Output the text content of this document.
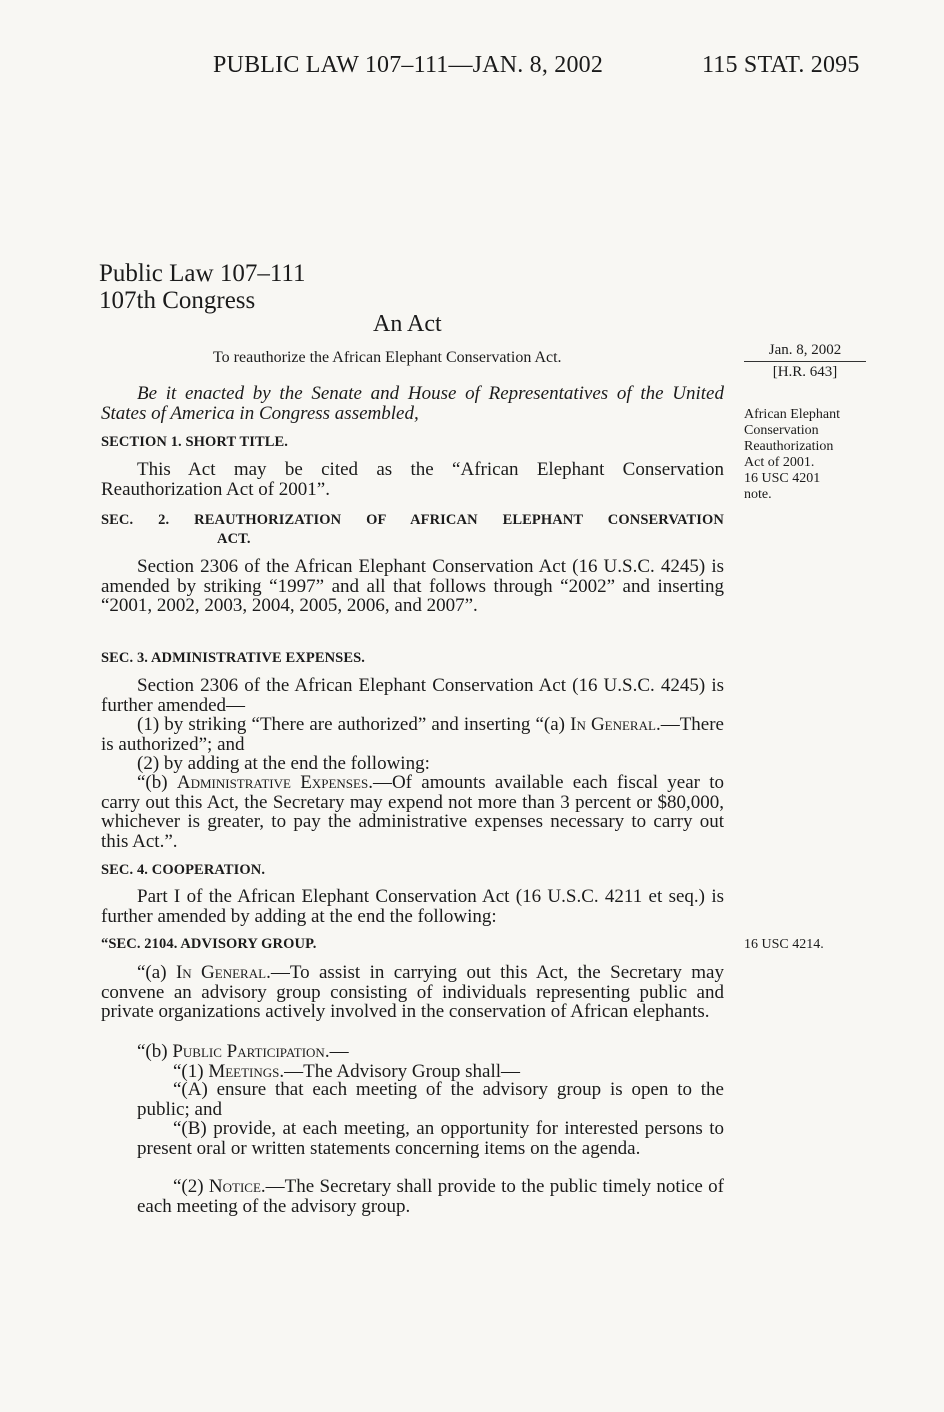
PUBLIC LAW 107–111—JAN. 8, 2002	115 STAT. 2095
Public Law 107–111
107th Congress
An Act
To reauthorize the African Elephant Conservation Act.	Jan. 8, 2002
[H.R. 643]
African Elephant
Conservation
Reauthorization
Act of 2001.
16 USC 4201
note.
16 USC 4214.

Be it enacted by the Senate and House of Representatives of the United States of America in Congress assembled,

SECTION 1. SHORT TITLE.

This Act may be cited as the “African Elephant Conservation Reauthorization Act of 2001”.

SEC. 2. REAUTHORIZATION OF AFRICAN ELEPHANT CONSERVATION
ACT.

Section 2306 of the African Elephant Conservation Act (16 U.S.C. 4245) is amended by striking “1997” and all that follows through “2002” and inserting “2001, 2002, 2003, 2004, 2005, 2006, and 2007”.

SEC. 3. ADMINISTRATIVE EXPENSES.

Section 2306 of the African Elephant Conservation Act (16 U.S.C. 4245) is further amended—

(1) by striking “There are authorized” and inserting “(a) In General.—There is authorized”; and

(2) by adding at the end the following:

“(b) Administrative Expenses.—Of amounts available each fiscal year to carry out this Act, the Secretary may expend not more than 3 percent or $80,000, whichever is greater, to pay the administrative expenses necessary to carry out this Act.”.

SEC. 4. COOPERATION.

Part I of the African Elephant Conservation Act (16 U.S.C. 4211 et seq.) is further amended by adding at the end the following:

“SEC. 2104. ADVISORY GROUP.

“(a) In General.—To assist in carrying out this Act, the Secretary may convene an advisory group consisting of individuals representing public and private organizations actively involved in the conservation of African elephants.

“(b) Public Participation.—
“(1) Meetings.—The Advisory Group shall—

“(A) ensure that each meeting of the advisory group is open to the public; and

“(B) provide, at each meeting, an opportunity for interested persons to present oral or written statements concerning items on the agenda.

“(2) Notice.—The Secretary shall provide to the public timely notice of each meeting of the advisory group.
